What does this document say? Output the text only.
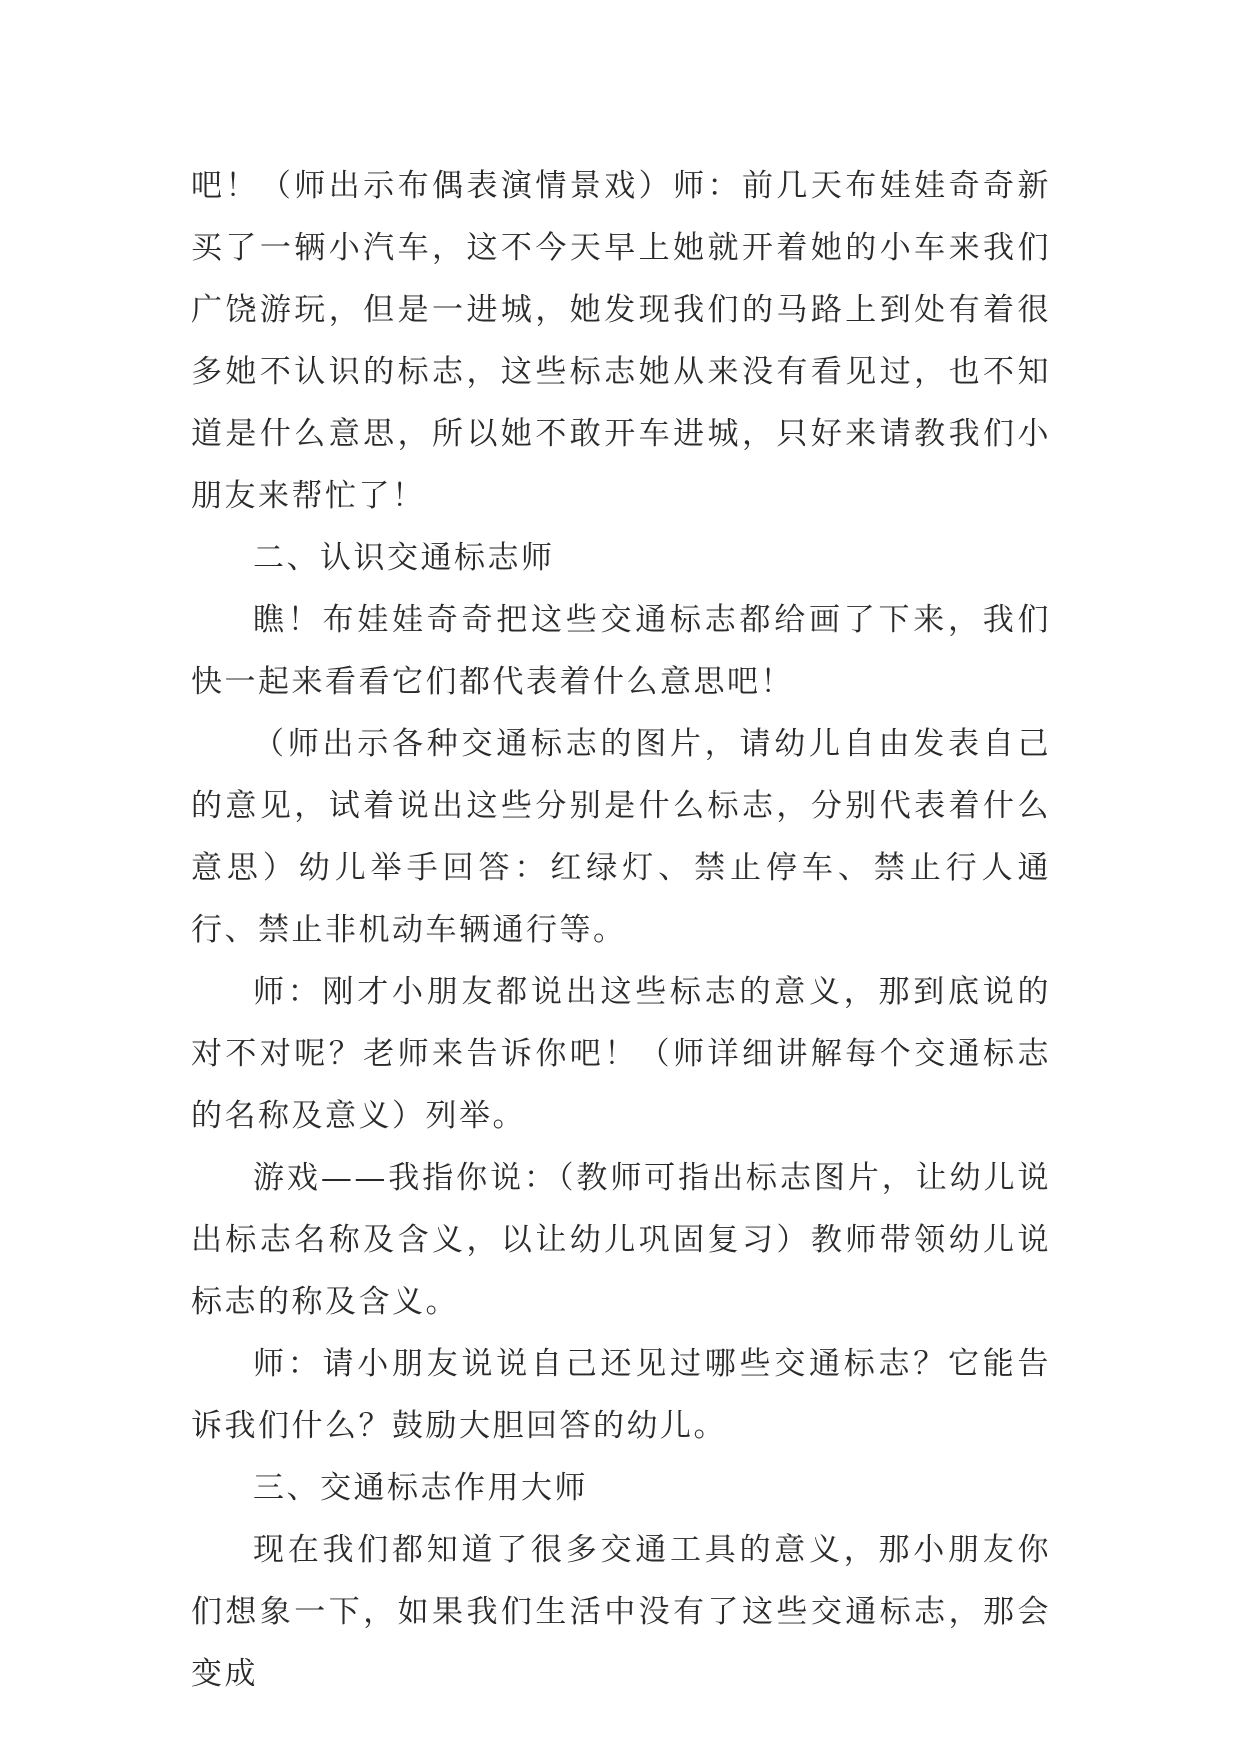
吧！（师出示布偶表演情景戏）师：前几天布娃娃奇奇新买了一辆小汽车，这不今天早上她就开着她的小车来我们广饶游玩，但是一进城，她发现我们的马路上到处有着很多她不认识的标志，这些标志她从来没有看见过，也不知道是什么意思，所以她不敢开车进城，只好来请教我们小朋友来帮忙了！

二、认识交通标志师

瞧！布娃娃奇奇把这些交通标志都给画了下来，我们快一起来看看它们都代表着什么意思吧！

（师出示各种交通标志的图片，请幼儿自由发表自己的意见，试着说出这些分别是什么标志，分别代表着什么意思）幼儿举手回答：红绿灯、禁止停车、禁止行人通行、禁止非机动车辆通行等。

师：刚才小朋友都说出这些标志的意义，那到底说的对不对呢？老师来告诉你吧！（师详细讲解每个交通标志的名称及意义）列举。

游戏——我指你说：（教师可指出标志图片，让幼儿说出标志名称及含义，以让幼儿巩固复习）教师带领幼儿说标志的称及含义。

师：请小朋友说说自己还见过哪些交通标志？它能告诉我们什么？鼓励大胆回答的幼儿。

三、交通标志作用大师

现在我们都知道了很多交通工具的意义，那小朋友你们想象一下，如果我们生活中没有了这些交通标志，那会变成
